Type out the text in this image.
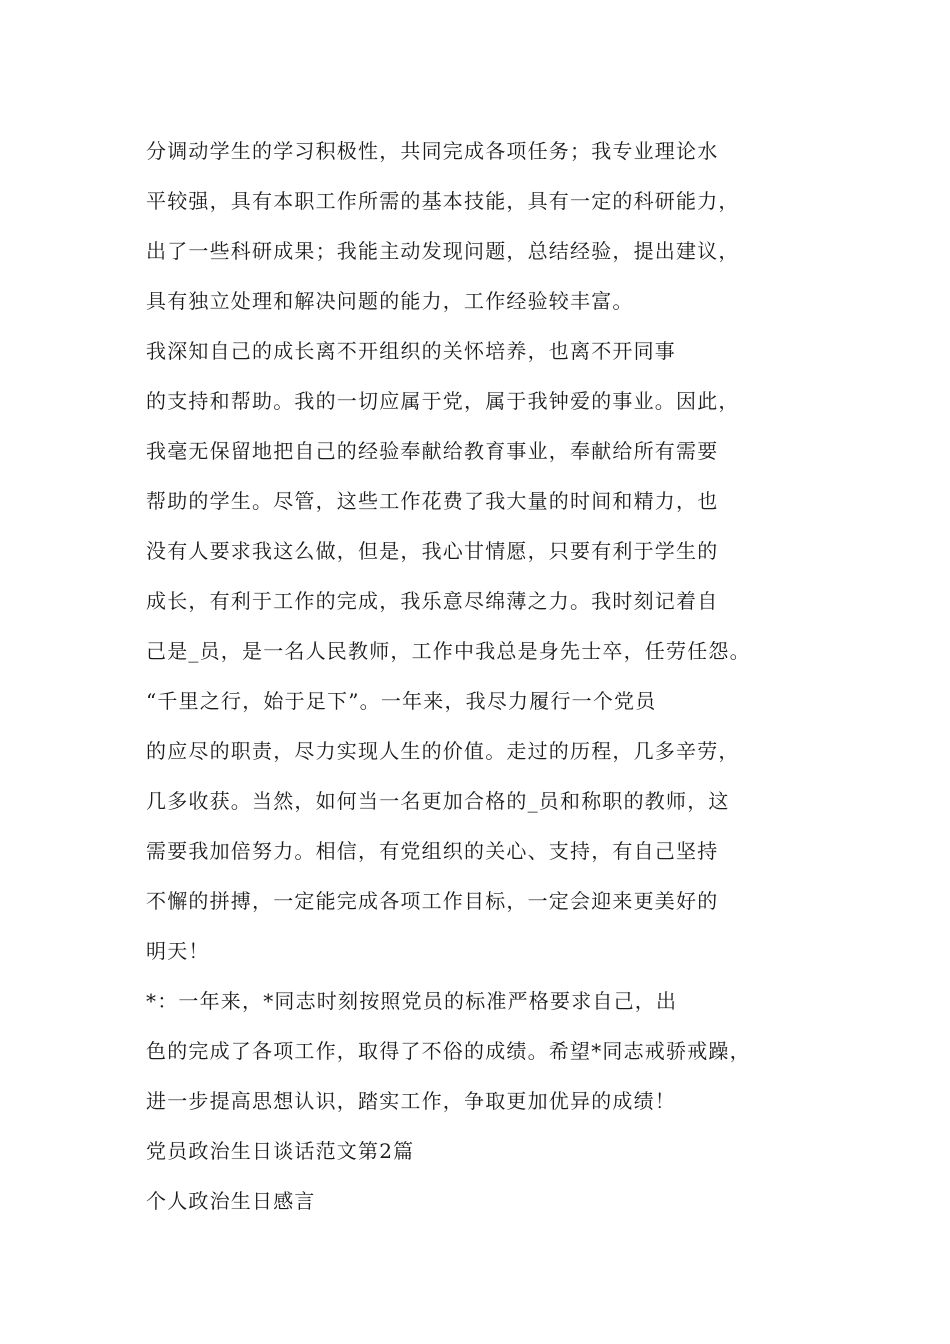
分调动学生的学习积极性，共同完成各项任务；我专业理论水

平较强，具有本职工作所需的基本技能，具有一定的科研能力，

出了一些科研成果；我能主动发现问题，总结经验，提出建议，

具有独立处理和解决问题的能力，工作经验较丰富。

我深知自己的成长离不开组织的关怀培养，也离不开同事

的支持和帮助。我的一切应属于党，属于我钟爱的事业。因此，

我毫无保留地把自己的经验奉献给教育事业，奉献给所有需要

帮助的学生。尽管，这些工作花费了我大量的时间和精力，也

没有人要求我这么做，但是，我心甘情愿，只要有利于学生的

成长，有利于工作的完成，我乐意尽绵薄之力。我时刻记着自

己是_员，是一名人民教师，工作中我总是身先士卒，任劳任怨。

“千里之行，始于足下”。一年来，我尽力履行一个党员

的应尽的职责，尽力实现人生的价值。走过的历程，几多辛劳，

几多收获。当然，如何当一名更加合格的_员和称职的教师，这

需要我加倍努力。相信，有党组织的关心、支持，有自己坚持

不懈的拼搏，一定能完成各项工作目标，一定会迎来更美好的

明天！

*：一年来，*同志时刻按照党员的标准严格要求自己，出

色的完成了各项工作，取得了不俗的成绩。希望*同志戒骄戒躁，

进一步提高思想认识，踏实工作，争取更加优异的成绩！

党员政治生日谈话范文第2篇

个人政治生日感言
